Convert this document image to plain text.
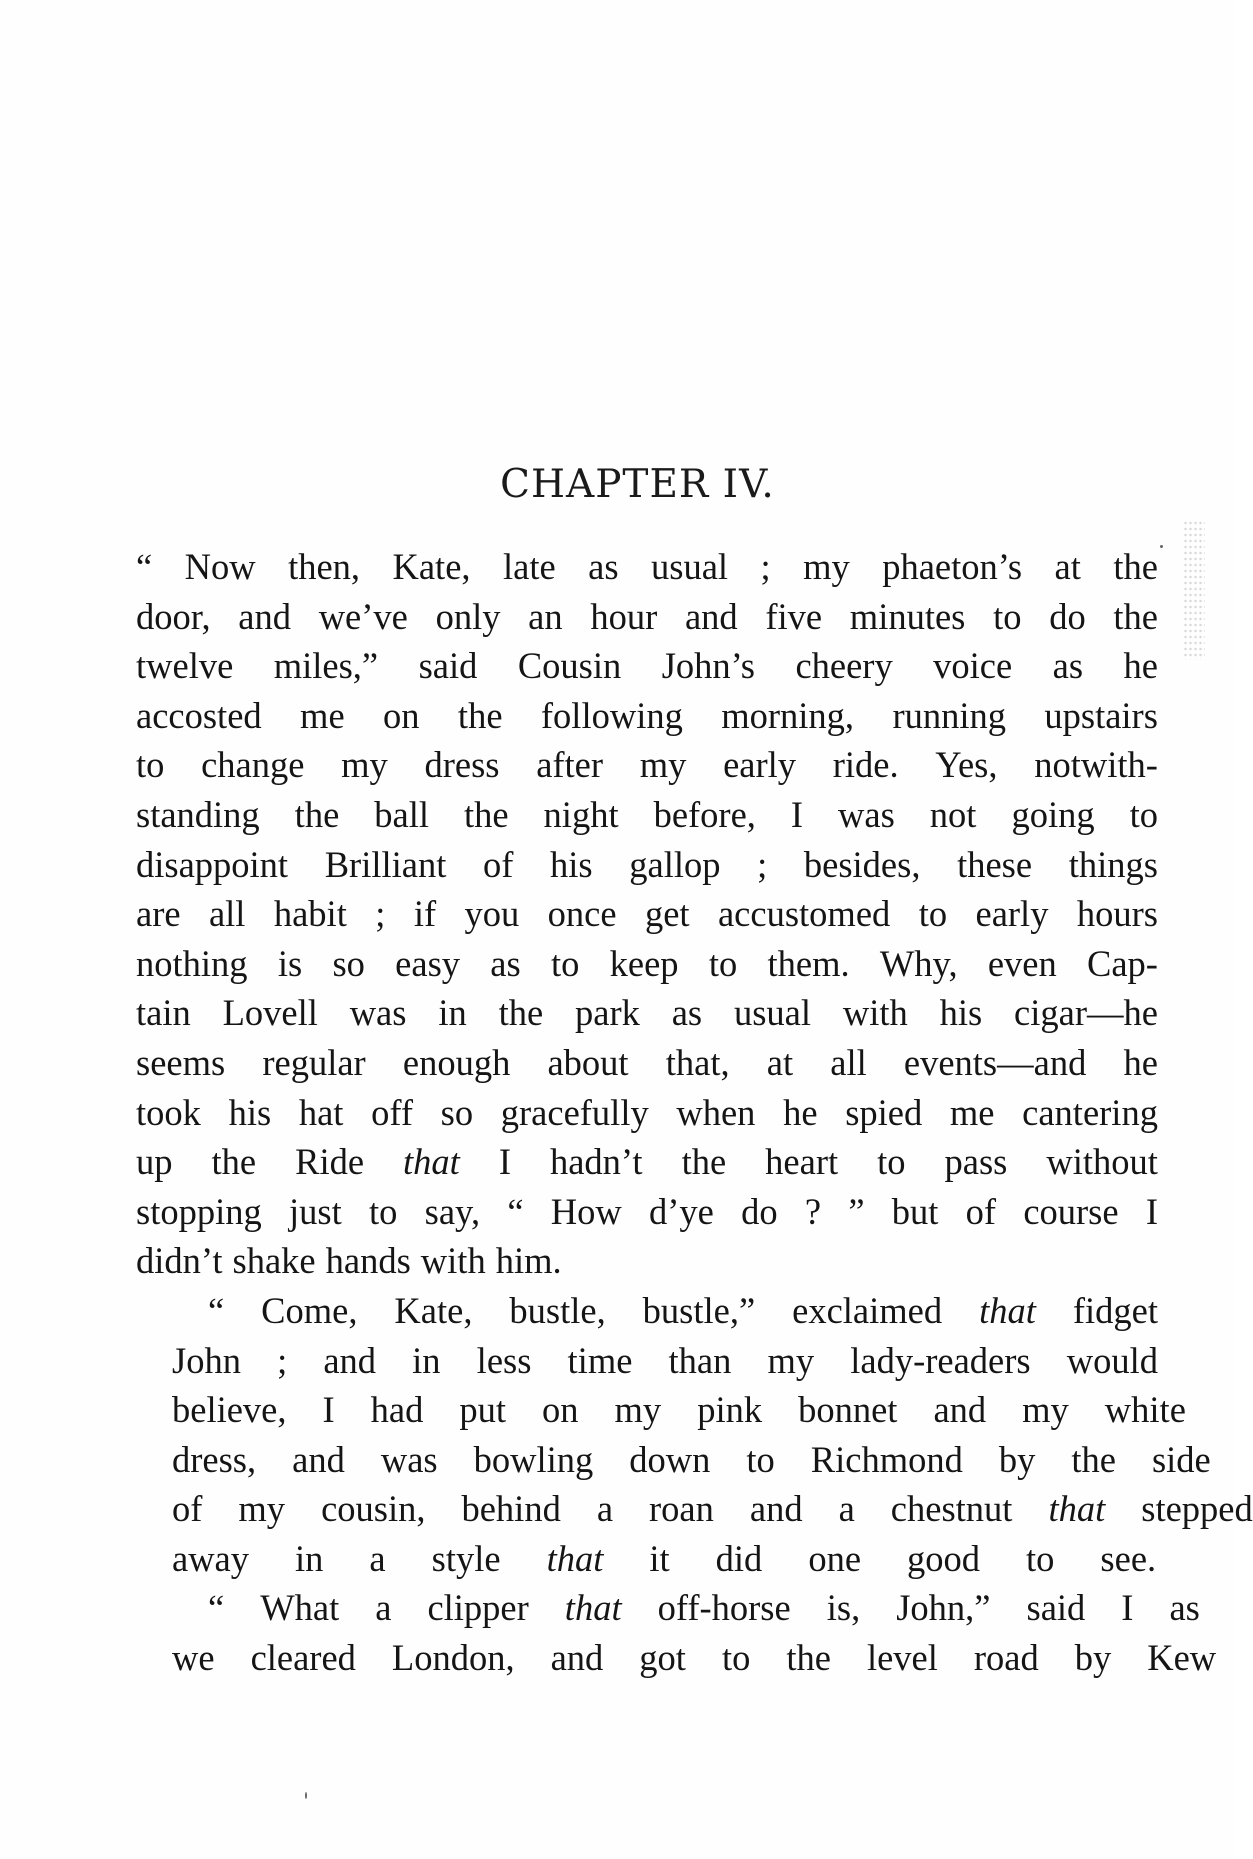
CHAPTER IV.
“ Now then, Kate, late as usual ; my phaeton’s at the
door, and we’ve only an hour and five minutes to do the
twelve miles,” said Cousin John’s cheery voice as he
accosted me on the following morning, running upstairs
to change my dress after my early ride. Yes, notwith-
standing the ball the night before, I was not going to
disappoint Brilliant of his gallop ; besides, these things
are all habit ; if you once get accustomed to early hours
nothing is so easy as to keep to them. Why, even Cap-
tain Lovell was in the park as usual with his cigar—he
seems regular enough about that, at all events—and he
took his hat off so gracefully when he spied me cantering
up the Ride that I hadn’t the heart to pass without
stopping just to say, “ How d’ye do ? ” but of course I
didn’t shake hands with him.
“	Come,	Kate,	bustle,	bustle,”	exclaimed	that	fidget
John ; and in less time than my lady-readers would
believe, I had put on my pink bonnet and my white
dress, and was bowling down to Richmond by the side
of my cousin, behind a roan and a chestnut that stepped
away	in	a	style	that	it	did	one	good	to	see.
“ What a clipper that off-horse is, John,” said I as
we cleared London, and got to the level road by Kew
